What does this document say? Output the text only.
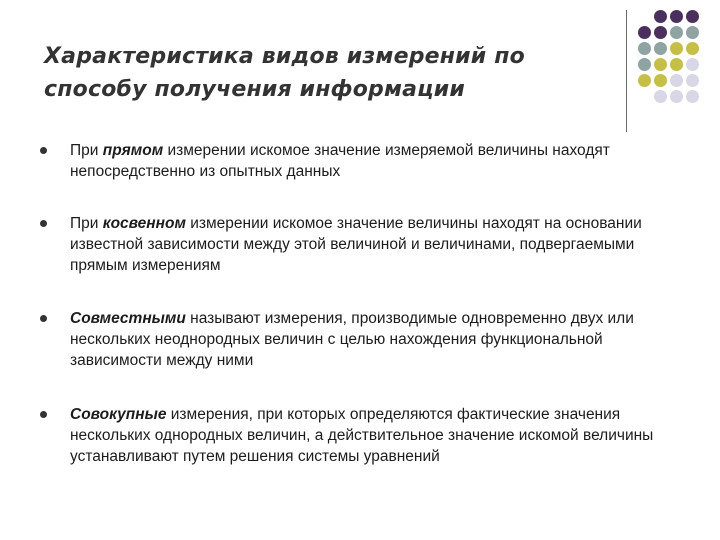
Характеристика видов измерений по способу получения информации
При прямом измерении искомое значение измеряемой величины находят непосредственно из опытных данных
При косвенном измерении искомое значение величины находят на основании известной зависимости между этой величиной и величинами, подвергаемыми прямым измерениям
Совместными называют измерения, производимые одновременно двух или нескольких неоднородных величин с целью нахождения функциональной зависимости между ними
Совокупные измерения, при которых определяются фактические значения нескольких однородных величин, а действительное значение искомой величины устанавливают путем решения системы уравнений
